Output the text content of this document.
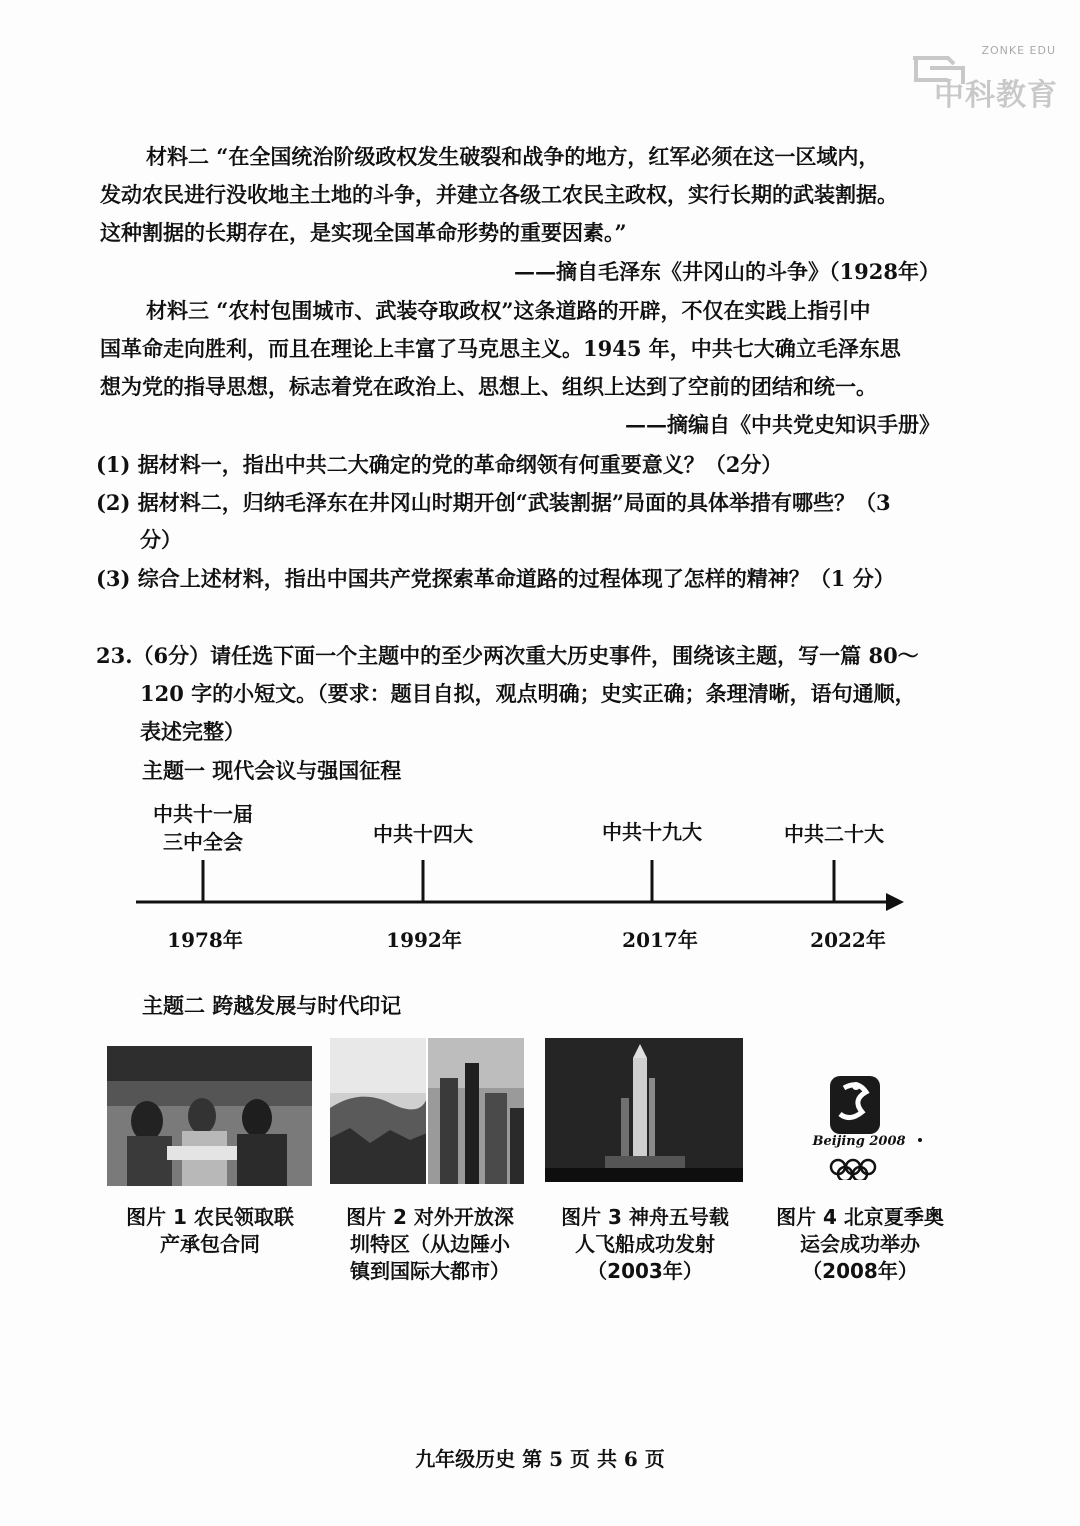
ZONKE EDU
中科教育
材料二 “在全国统治阶级政权发生破裂和战争的地方，红军必须在这一区域内，
发动农民进行没收地主土地的斗争，并建立各级工农民主政权，实行长期的武装割据。
这种割据的长期存在，是实现全国革命形势的重要因素。”
——摘自毛泽东《井冈山的斗争》（1928年）
材料三 “农村包围城市、武装夺取政权”这条道路的开辟，不仅在实践上指引中
国革命走向胜利，而且在理论上丰富了马克思主义。1945 年，中共七大确立毛泽东思
想为党的指导思想，标志着党在政治上、思想上、组织上达到了空前的团结和统一。
——摘编自《中共党史知识手册》
(1) 据材料一，指出中共二大确定的党的革命纲领有何重要意义？（2分）
(2) 据材料二，归纳毛泽东在井冈山时期开创“武装割据”局面的具体举措有哪些？（3
分）
(3) 综合上述材料，指出中国共产党探索革命道路的过程体现了怎样的精神？（1 分）
23.（6分）请任选下面一个主题中的至少两次重大历史事件，围绕该主题，写一篇 80～
120 字的小短文。（要求：题目自拟，观点明确；史实正确；条理清晰，语句通顺，
表述完整）
主题一 现代会议与强国征程
中共十一届
三中全会	中共十四大	中共十九大	中共二十大
1978年	1992年	2017年	2022年
主题二 跨越发展与时代印记
Beijing 2008
图片 1 农民领取联
产承包合同
图片 2 对外开放深
圳特区（从边陲小
镇到国际大都市）
图片 3 神舟五号载
人飞船成功发射
（2003年）
图片 4 北京夏季奥
运会成功举办
（2008年）
九年级历史 第 5 页 共 6 页
